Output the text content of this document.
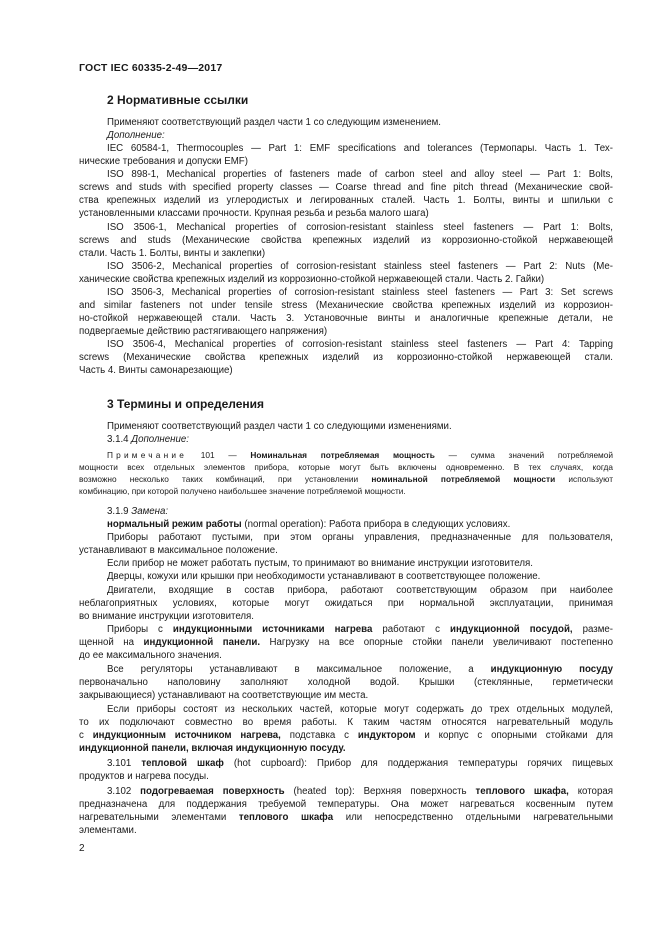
ГОСТ IEC 60335-2-49—2017
2 Нормативные ссылки

Применяют соответствующий раздел части 1 со следующим изменением.

Дополнение:

IEC 60584-1, Thermocouples — Part 1: EMF specifications and tolerances (Термопары. Часть 1. Тех-

нические требования и допуски EMF)

ISO 898-1, Mechanical properties of fasteners made of carbon steel and alloy steel — Part 1: Bolts,

screws and studs with specified property classes — Coarse thread and fine pitch thread (Механические свой-

ства крепежных изделий из углеродистых и легированных сталей. Часть 1. Болты, винты и шпильки с

установленными классами прочности. Крупная резьба и резьба малого шага)

ISO 3506-1, Mechanical properties of corrosion-resistant stainless steel fasteners — Part 1: Bolts,

screws and studs (Механические свойства крепежных изделий из коррозионно-стойкой нержавеющей

стали. Часть 1. Болты, винты и заклепки)

ISO 3506-2, Mechanical properties of corrosion-resistant stainless steel fasteners — Part 2: Nuts (Me-

ханические свойства крепежных изделий из коррозионно-стойкой нержавеющей стали. Часть 2. Гайки)

ISO 3506-3, Mechanical properties of corrosion-resistant stainless steel fasteners — Part 3: Set screws

and similar fasteners not under tensile stress (Механические свойства крепежных изделий из коррозион-

но-стойкой нержавеющей стали. Часть 3. Установочные винты и аналогичные крепежные детали, не

подвергаемые действию растягивающего напряжения)

ISO 3506-4, Mechanical properties of corrosion-resistant stainless steel fasteners — Part 4: Tapping

screws (Механические свойства крепежных изделий из коррозионно-стойкой нержавеющей стали.

Часть 4. Винты самонарезающие)

3 Термины и определения

Применяют соответствующий раздел части 1 со следующими изменениями.

3.1.4 Дополнение:

Примечание 101 — Номинальная потребляемая мощность — сумма значений потребляемой

мощности всех отдельных элементов прибора, которые могут быть включены одновременно. В тех случаях, когда

возможно несколько таких комбинаций, при установлении номинальной потребляемой мощности используют

комбинацию, при которой получено наибольшее значение потребляемой мощности.

3.1.9 Замена:

нормальный режим работы (normal operation): Работа прибора в следующих условиях.

Приборы работают пустыми, при этом органы управления, предназначенные для пользователя,

устанавливают в максимальное положение.

Если прибор не может работать пустым, то принимают во внимание инструкции изготовителя.

Дверцы, кожухи или крышки при необходимости устанавливают в соответствующее положение.

Двигатели, входящие в состав прибора, работают соответствующим образом при наиболее

неблагоприятных условиях, которые могут ожидаться при нормальной эксплуатации, принимая

во внимание инструкции изготовителя.

Приборы с индукционными источниками нагрева работают с индукционной посудой, разме-

щенной на индукционной панели. Нагрузку на все опорные стойки панели увеличивают постепенно

до ее максимального значения.

Все регуляторы устанавливают в максимальное положение, а индукционную посуду

первоначально наполовину заполняют холодной водой. Крышки (стеклянные, герметически

закрывающиеся) устанавливают на соответствующие им места.

Если приборы состоят из нескольких частей, которые могут содержать до трех отдельных модулей,

то их подключают совместно во время работы. К таким частям относятся нагревательный модуль

с индукционным источником нагрева, подставка с индуктором и корпус с опорными стойками для

индукционной панели, включая индукционную посуду.

3.101 тепловой шкаф (hot cupboard): Прибор для поддержания температуры горячих пищевых

продуктов и нагрева посуды.

3.102 подогреваемая поверхность (heated top): Верхняя поверхность теплового шкафа, которая

предназначена для поддержания требуемой температуры. Она может нагреваться косвенным путем

нагревательными элементами теплового шкафа или непосредственно отдельными нагревательными

элементами.

2
